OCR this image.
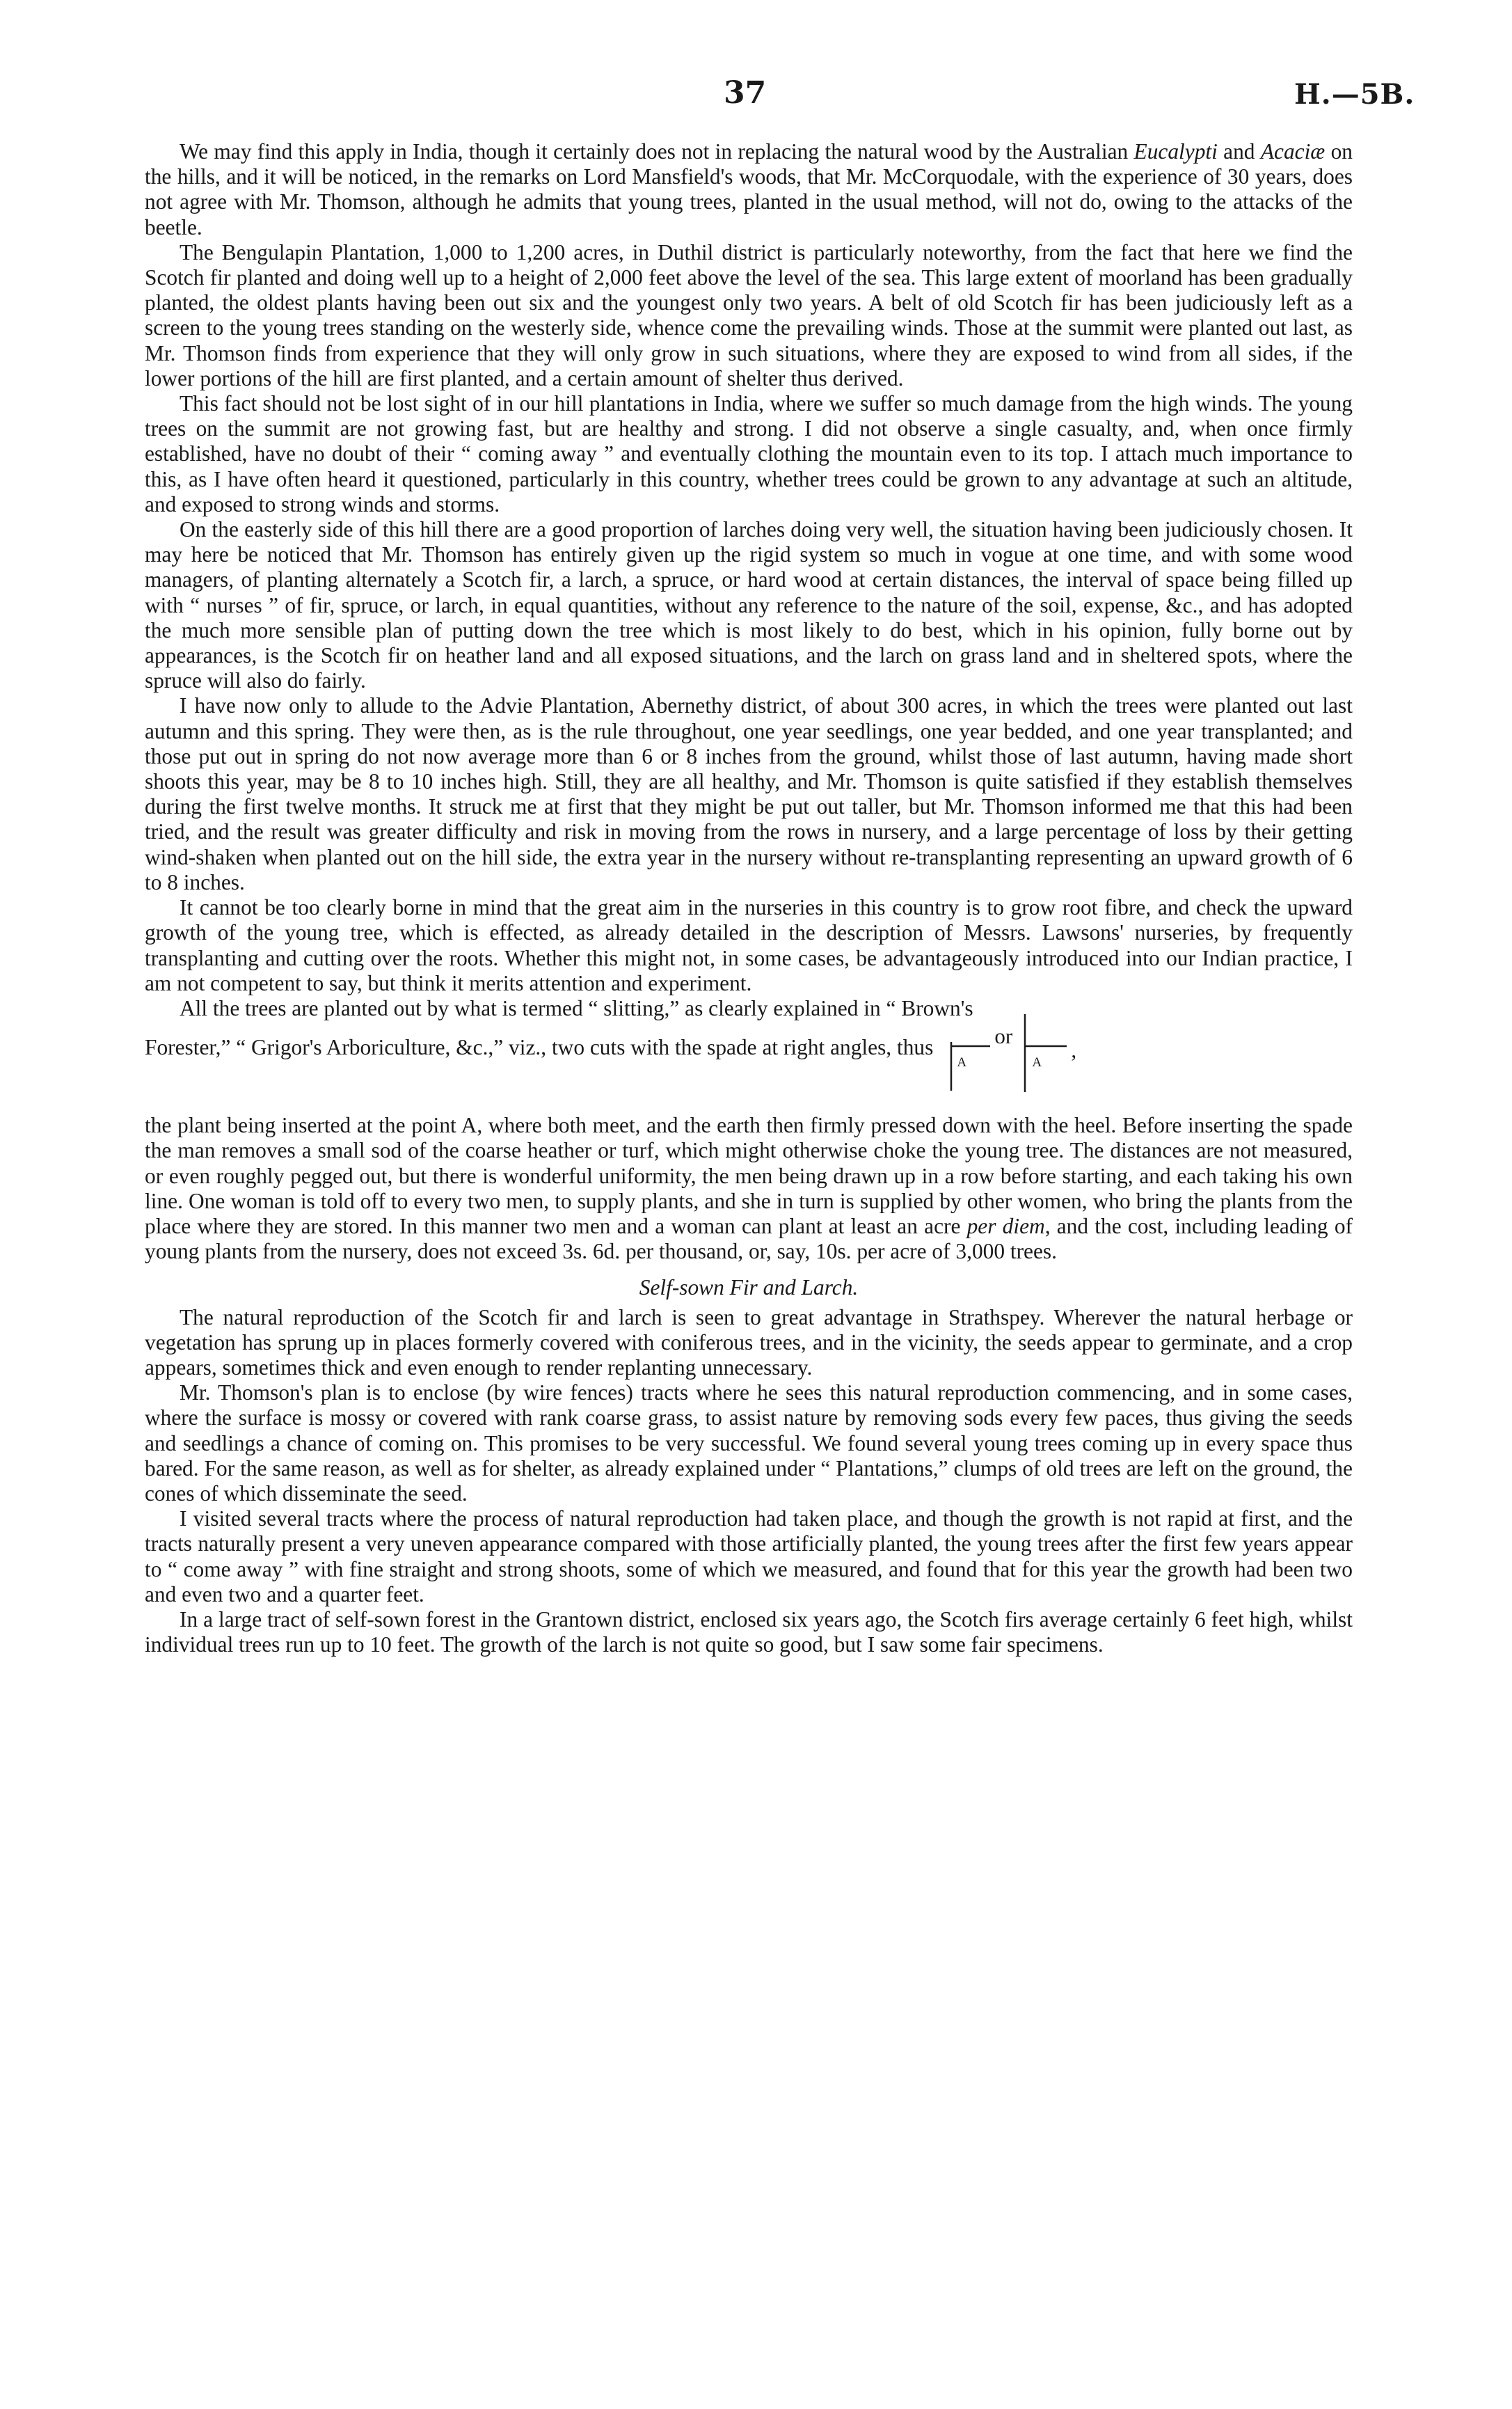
37	H.—5B.

We may find this apply in India, though it certainly does not in replacing the natural wood by the Australian Eucalypti and Acaciæ on the hills, and it will be noticed, in the remarks on Lord Mansfield's woods, that Mr. McCorquodale, with the experience of 30 years, does not agree with Mr. Thomson, although he admits that young trees, planted in the usual method, will not do, owing to the attacks of the beetle.

The Bengulapin Plantation, 1,000 to 1,200 acres, in Duthil district is particularly noteworthy, from the fact that here we find the Scotch fir planted and doing well up to a height of 2,000 feet above the level of the sea. This large extent of moorland has been gradually planted, the oldest plants having been out six and the youngest only two years. A belt of old Scotch fir has been judiciously left as a screen to the young trees standing on the westerly side, whence come the prevailing winds. Those at the summit were planted out last, as Mr. Thomson finds from experience that they will only grow in such situations, where they are exposed to wind from all sides, if the lower portions of the hill are first planted, and a certain amount of shelter thus derived.

This fact should not be lost sight of in our hill plantations in India, where we suffer so much damage from the high winds. The young trees on the summit are not growing fast, but are healthy and strong. I did not observe a single casualty, and, when once firmly established, have no doubt of their “ coming away ” and eventually clothing the mountain even to its top. I attach much importance to this, as I have often heard it questioned, particularly in this country, whether trees could be grown to any advantage at such an altitude, and exposed to strong winds and storms.

On the easterly side of this hill there are a good proportion of larches doing very well, the situation having been judiciously chosen. It may here be noticed that Mr. Thomson has entirely given up the rigid system so much in vogue at one time, and with some wood managers, of planting alternately a Scotch fir, a larch, a spruce, or hard wood at certain distances, the interval of space being filled up with “ nurses ” of fir, spruce, or larch, in equal quantities, without any reference to the nature of the soil, expense, &c., and has adopted the much more sensible plan of putting down the tree which is most likely to do best, which in his opinion, fully borne out by appearances, is the Scotch fir on heather land and all exposed situations, and the larch on grass land and in sheltered spots, where the spruce will also do fairly.

I have now only to allude to the Advie Plantation, Abernethy district, of about 300 acres, in which the trees were planted out last autumn and this spring. They were then, as is the rule throughout, one year seedlings, one year bedded, and one year transplanted; and those put out in spring do not now average more than 6 or 8 inches from the ground, whilst those of last autumn, having made short shoots this year, may be 8 to 10 inches high. Still, they are all healthy, and Mr. Thomson is quite satisfied if they establish themselves during the first twelve months. It struck me at first that they might be put out taller, but Mr. Thomson informed me that this had been tried, and the result was greater difficulty and risk in moving from the rows in nursery, and a large percentage of loss by their getting wind-shaken when planted out on the hill side, the extra year in the nursery without re-transplanting representing an upward growth of 6 to 8 inches.

It cannot be too clearly borne in mind that the great aim in the nurseries in this country is to grow root fibre, and check the upward growth of the young tree, which is effected, as already detailed in the description of Messrs. Lawsons' nurseries, by frequently transplanting and cutting over the roots. Whether this might not, in some cases, be advantageously introduced into our Indian practice, I am not competent to say, but think it merits attention and experiment.

All the trees are planted out by what is termed “ slitting,” as clearly explained in “ Brown's

Forester,” “ Grigor's Arboriculture, &c.,” viz., two cuts with the spade at right angles, thus
A
or
A
,

the plant being inserted at the point A, where both meet, and the earth then firmly pressed down with the heel. Before inserting the spade the man removes a small sod of the coarse heather or turf, which might otherwise choke the young tree. The distances are not measured, or even roughly pegged out, but there is wonderful uniformity, the men being drawn up in a row before starting, and each taking his own line. One woman is told off to every two men, to supply plants, and she in turn is supplied by other women, who bring the plants from the place where they are stored. In this manner two men and a woman can plant at least an acre per diem, and the cost, including leading of young plants from the nursery, does not exceed 3s. 6d. per thousand, or, say, 10s. per acre of 3,000 trees.

Self-sown Fir and Larch.

The natural reproduction of the Scotch fir and larch is seen to great advantage in Strathspey. Wherever the natural herbage or vegetation has sprung up in places formerly covered with coniferous trees, and in the vicinity, the seeds appear to germinate, and a crop appears, sometimes thick and even enough to render replanting unnecessary.

Mr. Thomson's plan is to enclose (by wire fences) tracts where he sees this natural reproduction commencing, and in some cases, where the surface is mossy or covered with rank coarse grass, to assist nature by removing sods every few paces, thus giving the seeds and seedlings a chance of coming on. This promises to be very successful. We found several young trees coming up in every space thus bared. For the same reason, as well as for shelter, as already explained under “ Plantations,” clumps of old trees are left on the ground, the cones of which disseminate the seed.

I visited several tracts where the process of natural reproduction had taken place, and though the growth is not rapid at first, and the tracts naturally present a very uneven appearance compared with those artificially planted, the young trees after the first few years appear to “ come away ” with fine straight and strong shoots, some of which we measured, and found that for this year the growth had been two and even two and a quarter feet.

In a large tract of self-sown forest in the Grantown district, enclosed six years ago, the Scotch firs average certainly 6 feet high, whilst individual trees run up to 10 feet. The growth of the larch is not quite so good, but I saw some fair specimens.
